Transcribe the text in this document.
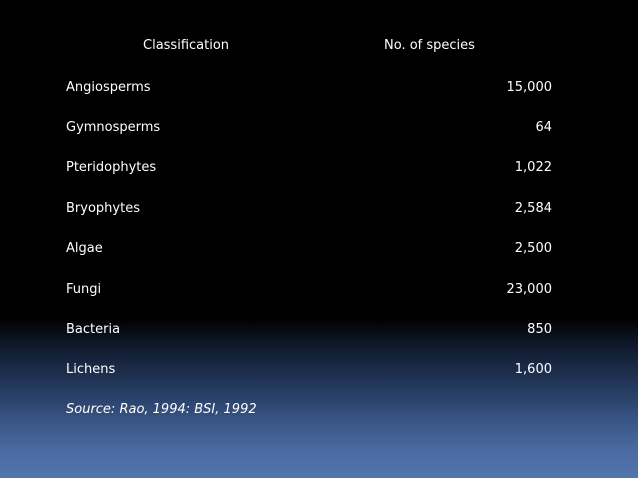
Classification	No. of species
Angiosperms	15,000
Gymnosperms	64
Pteridophytes	1,022
Bryophytes	2,584
Algae	2,500
Fungi	23,000
Bacteria	850
Lichens	1,600
Source: Rao, 1994: BSI, 1992
